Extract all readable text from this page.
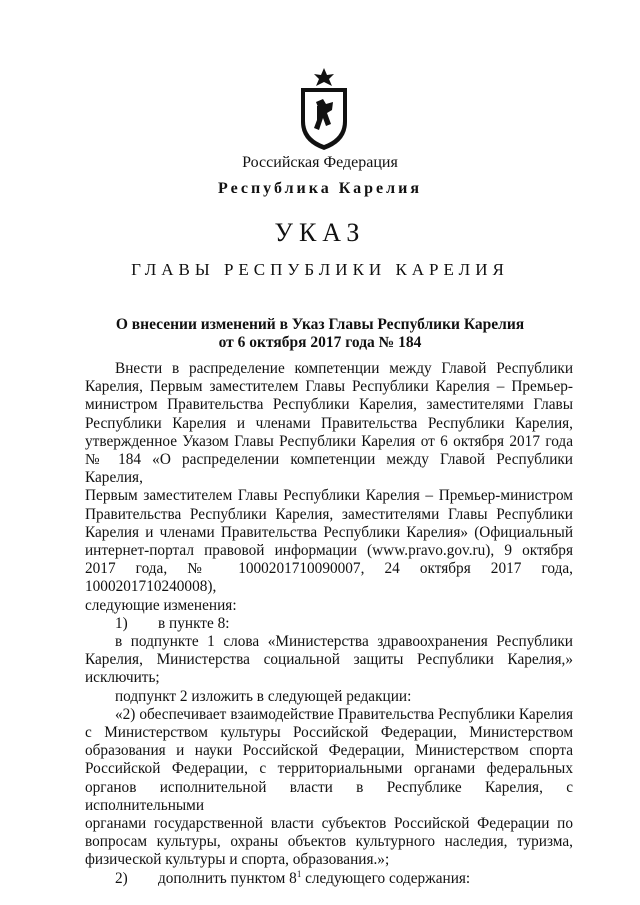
Российская Федерация
Республика Карелия
УКАЗ
ГЛАВЫ РЕСПУБЛИКИ КАРЕЛИЯ
О внесении изменений в Указ Главы Республики Карелия
от 6 октября 2017 года № 184

Внести в распределение компетенции между Главой Республики

Карелия, Первым заместителем Главы Республики Карелия – Премьер-

министром Правительства Республики Карелия, заместителями Главы

Республики Карелия и членами Правительства Республики Карелия,

утвержденное Указом Главы Республики Карелия от 6 октября 2017 года

№ 184 «О распределении компетенции между Главой Республики Карелия,

Первым заместителем Главы Республики Карелия – Премьер-министром

Правительства Республики Карелия, заместителями Главы Республики

Карелия и членами Правительства Республики Карелия» (Официальный

интернет-портал правовой информации (www.pravo.gov.ru), 9 октября

2017 года, № 1000201710090007, 24 октября 2017 года, 1000201710240008),

следующие изменения:

1)	в пункте 8:

в подпункте 1 слова «Министерства здравоохранения Республики

Карелия, Министерства социальной защиты Республики Карелия,»

исключить;

подпункт 2 изложить в следующей редакции:

«2) обеспечивает взаимодействие Правительства Республики Карелия

с Министерством культуры Российской Федерации, Министерством

образования и науки Российской Федерации, Министерством спорта

Российской Федерации, с территориальными органами федеральных

органов исполнительной власти в Республике Карелия, с исполнительными

органами государственной власти субъектов Российской Федерации по

вопросам культуры, охраны объектов культурного наследия, туризма,

физической культуры и спорта, образования.»;

2)	дополнить пунктом $8^1$ следующего содержания:
